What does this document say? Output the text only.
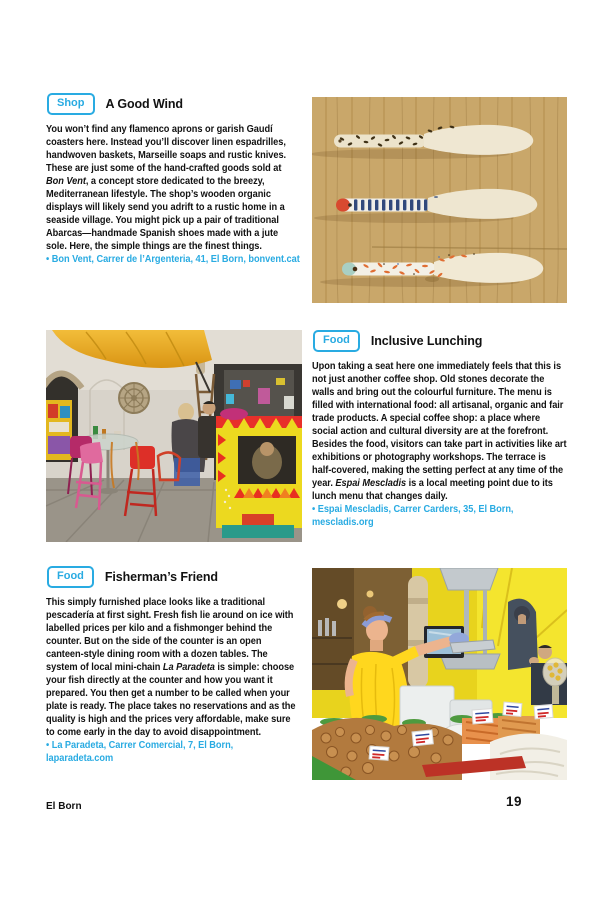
Shop	A Good Wind

You won’t find any flamenco aprons or garish Gaudí coasters here. Instead you’ll discover linen espadrilles, handwoven baskets, Marseille soaps and rustic knives. These are just some of the hand-crafted goods sold at Bon Vent, a concept store dedicated to the breezy, Mediterranean lifestyle. The shop’s wooden organic displays will likely send you adrift to a rustic home in a seaside village. You might pick up a pair of traditional Abarcas—handmade Spanish shoes made with a jute sole. Here, the simple things are the finest things.

• Bon Vent, Carrer de l’Argenteria, 41, El Born, bonvent.cat

Food	Inclusive Lunching

Upon taking a seat here one immediately feels that this is not just another coffee shop. Old stones decorate the walls and bring out the colourful furniture. The menu is filled with international food: all artisanal, organic and fair trade products. A special coffee shop: a place where social action and cultural diversity are at the forefront. Besides the food, visitors can take part in activities like art exhibitions or photography workshops. The terrace is half-covered, making the setting perfect at any time of the year. Espai Mescladis is a local meeting point due to its lunch menu that changes daily.

• Espai Mescladis, Carrer Carders, 35, El Born, mescladis.org

Food	Fisherman’s Friend

This simply furnished place looks like a traditional pescadería at first sight. Fresh fish lie around on ice with labelled prices per kilo and a fishmonger behind the counter. But on the side of the counter is an open canteen-style dining room with a dozen tables. The system of local mini-chain La Paradeta is simple: choose your fish directly at the counter and how you want it prepared. You then get a number to be called when your plate is ready. The place takes no reservations and as the quality is high and the prices very affordable, make sure to come early in the day to avoid disappointment.

• La Paradeta, Carrer Comercial, 7, El Born, laparadeta.com

El Born	19
